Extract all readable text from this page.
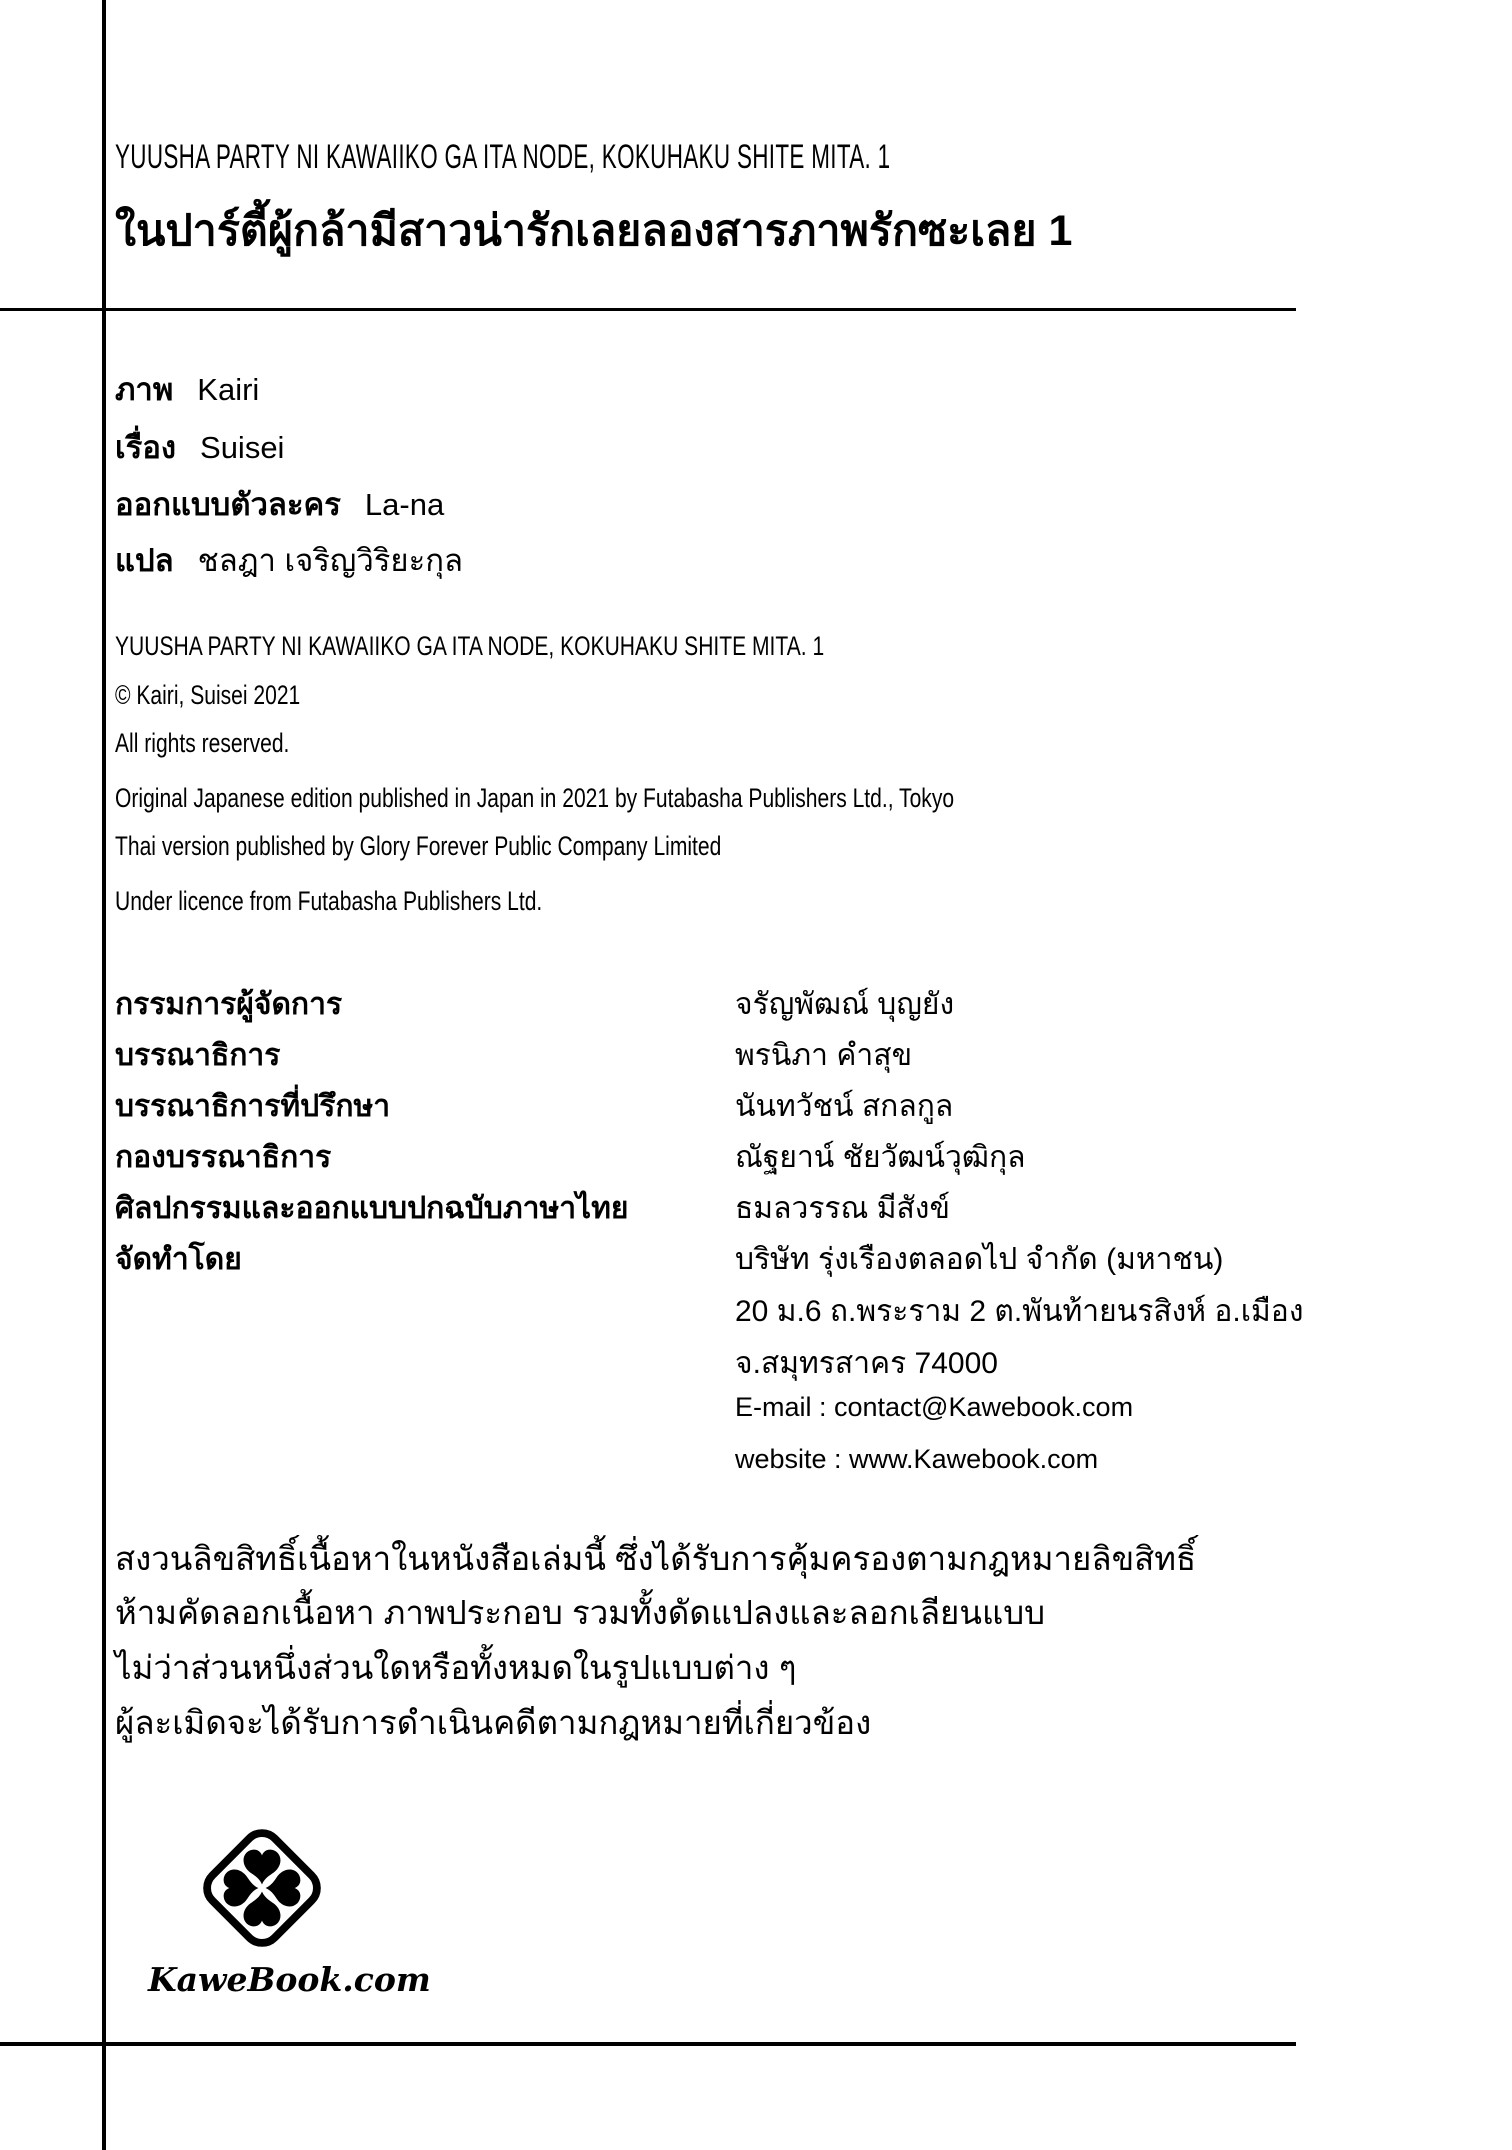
YUUSHA PARTY NI KAWAIIKO GA ITA NODE, KOKUHAKU SHITE MITA. 1
ในปาร์ตี้ผู้กล้ามีสาวน่ารักเลยลองสารภาพรักซะเลย 1
ภาพ Kairi
เรื่อง Suisei
ออกแบบตัวละคร La-na
แปล ชลฎา เจริญวิริยะกุล
YUUSHA PARTY NI KAWAIIKO GA ITA NODE, KOKUHAKU SHITE MITA. 1
© Kairi, Suisei 2021
All rights reserved.
Original Japanese edition published in Japan in 2021 by Futabasha Publishers Ltd., Tokyo
Thai version published by Glory Forever Public Company Limited
Under licence from Futabasha Publishers Ltd.
กรรมการผู้จัดการ	จรัญพัฒณ์ บุญยัง
บรรณาธิการ	พรนิภา คำสุข
บรรณาธิการที่ปรึกษา	นันทวัชน์ สกลกูล
กองบรรณาธิการ	ณัฐยาน์ ชัยวัฒน์วุฒิกุล
ศิลปกรรมและออกแบบปกฉบับภาษาไทย	ธมลวรรณ มีสังข์
จัดทำโดย	บริษัท รุ่งเรืองตลอดไป จำกัด (มหาชน)
20 ม.6 ถ.พระราม 2 ต.พันท้ายนรสิงห์ อ.เมือง
จ.สมุทรสาคร 74000
E-mail : contact@Kawebook.com
website : www.Kawebook.com
สงวนลิขสิทธิ์เนื้อหาในหนังสือเล่มนี้ ซึ่งได้รับการคุ้มครองตามกฎหมายลิขสิทธิ์
ห้ามคัดลอกเนื้อหา ภาพประกอบ รวมทั้งดัดแปลงและลอกเลียนแบบ
ไม่ว่าส่วนหนึ่งส่วนใดหรือทั้งหมดในรูปแบบต่าง ๆ
ผู้ละเมิดจะได้รับการดำเนินคดีตามกฎหมายที่เกี่ยวข้อง
KaweBook.com
